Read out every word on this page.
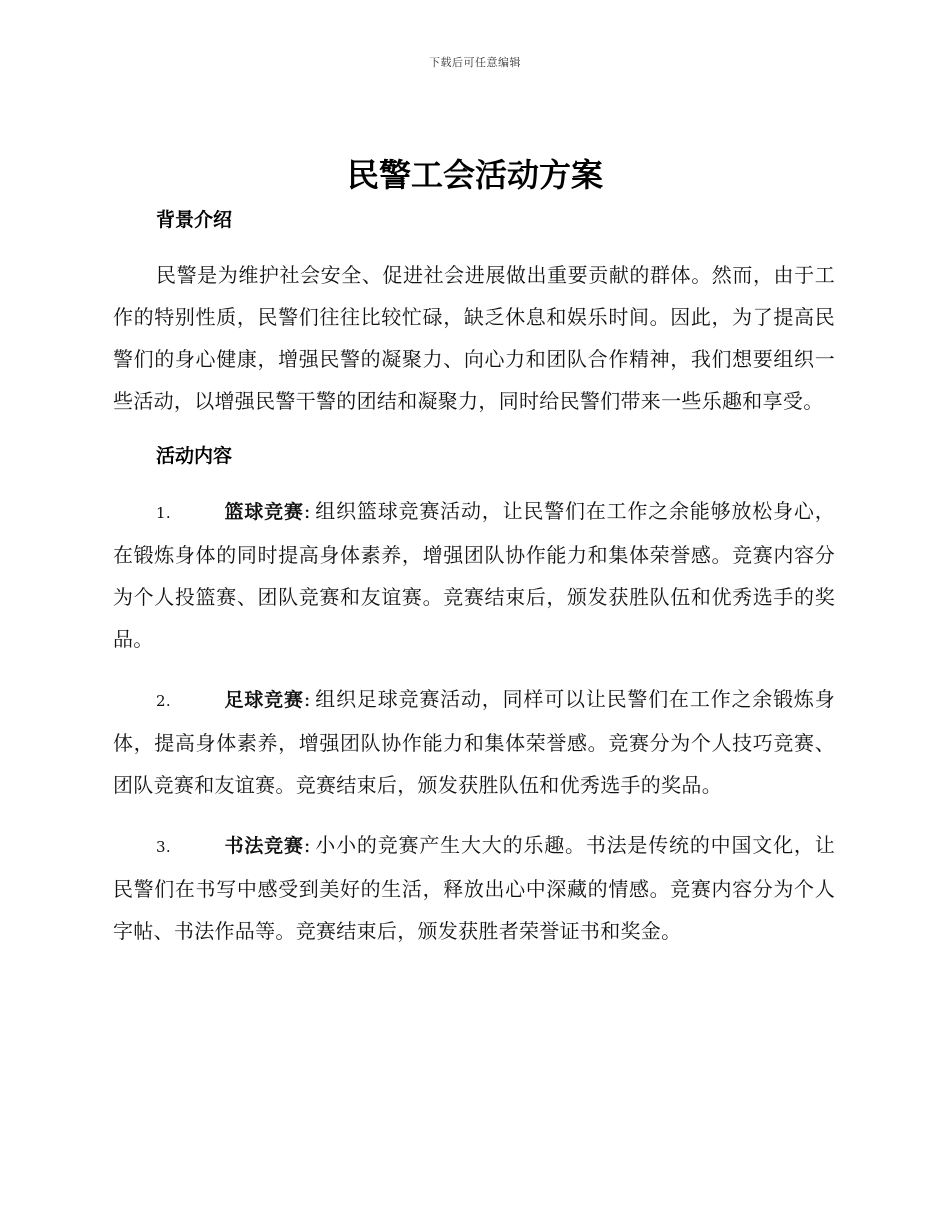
下载后可任意编辑
民警工会活动方案
背景介绍

民警是为维护社会安全、促进社会进展做出重要贡献的群体。然而，由于工作的特别性质，民警们往往比较忙碌，缺乏休息和娱乐时间。因此，为了提高民警们的身心健康，增强民警的凝聚力、向心力和团队合作精神，我们想要组织一些活动，以增强民警干警的团结和凝聚力，同时给民警们带来一些乐趣和享受。

活动内容

1.	篮球竞赛: 组织篮球竞赛活动，让民警们在工作之余能够放松身心，在锻炼身体的同时提高身体素养，增强团队协作能力和集体荣誉感。竞赛内容分为个人投篮赛、团队竞赛和友谊赛。竞赛结束后，颁发获胜队伍和优秀选手的奖品。

2.	足球竞赛: 组织足球竞赛活动，同样可以让民警们在工作之余锻炼身体，提高身体素养，增强团队协作能力和集体荣誉感。竞赛分为个人技巧竞赛、团队竞赛和友谊赛。竞赛结束后，颁发获胜队伍和优秀选手的奖品。

3.	书法竞赛: 小小的竞赛产生大大的乐趣。书法是传统的中国文化，让民警们在书写中感受到美好的生活，释放出心中深藏的情感。竞赛内容分为个人字帖、书法作品等。竞赛结束后，颁发获胜者荣誉证书和奖金。
